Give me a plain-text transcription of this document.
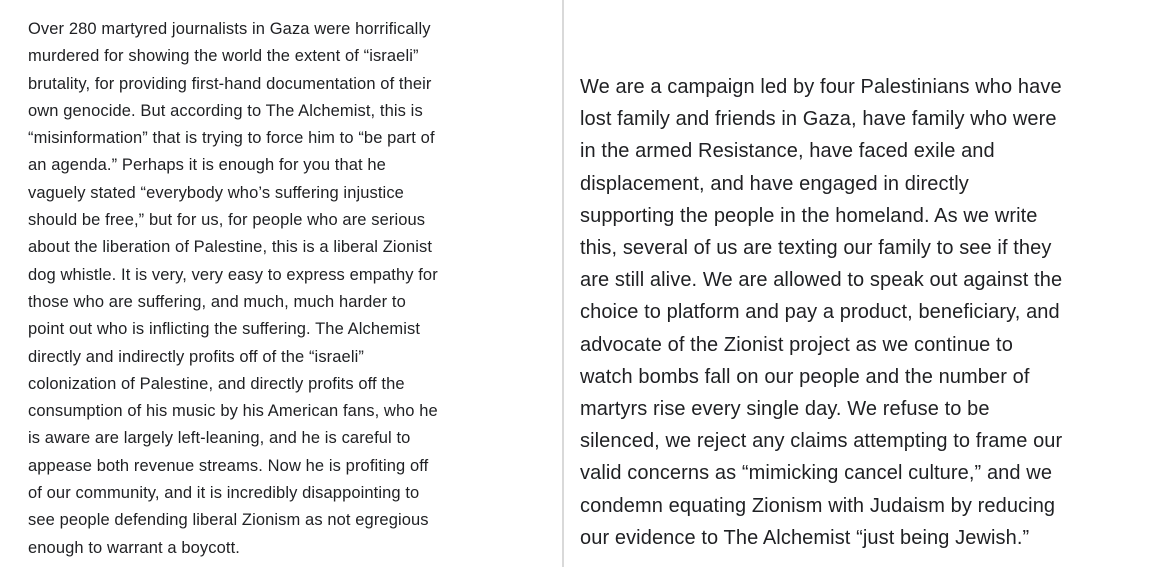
Over 280 martyred journalists in Gaza were horrifically
murdered for showing the world the extent of “israeli”
brutality, for providing first-hand documentation of their
own genocide. But according to The Alchemist, this is
“misinformation” that is trying to force him to “be part of
an agenda.” Perhaps it is enough for you that he
vaguely stated “everybody who’s suffering injustice
should be free,” but for us, for people who are serious
about the liberation of Palestine, this is a liberal Zionist
dog whistle. It is very, very easy to express empathy for
those who are suffering, and much, much harder to
point out who is inflicting the suffering. The Alchemist
directly and indirectly profits off of the “israeli”
colonization of Palestine, and directly profits off the
consumption of his music by his American fans, who he
is aware are largely left-leaning, and he is careful to
appease both revenue streams. Now he is profiting off
of our community, and it is incredibly disappointing to
see people defending liberal Zionism as not egregious
enough to warrant a boycott.
We are a campaign led by four Palestinians who have
lost family and friends in Gaza, have family who were
in the armed Resistance, have faced exile and
displacement, and have engaged in directly
supporting the people in the homeland. As we write
this, several of us are texting our family to see if they
are still alive. We are allowed to speak out against the
choice to platform and pay a product, beneficiary, and
advocate of the Zionist project as we continue to
watch bombs fall on our people and the number of
martyrs rise every single day. We refuse to be
silenced, we reject any claims attempting to frame our
valid concerns as “mimicking cancel culture,” and we
condemn equating Zionism with Judaism by reducing
our evidence to The Alchemist “just being Jewish.”
